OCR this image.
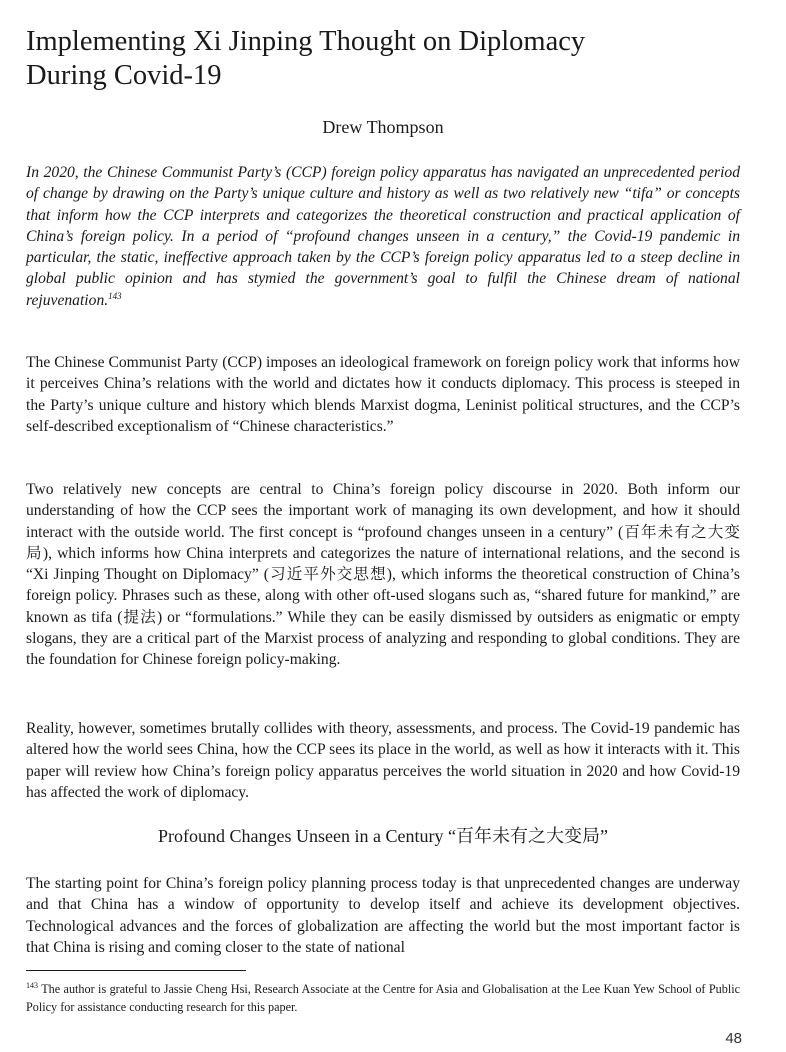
Implementing Xi Jinping Thought on Diplomacy
During Covid-19
Drew Thompson

In 2020, the Chinese Communist Party’s (CCP) foreign policy apparatus has navigated an unprecedented period of change by drawing on the Party’s unique culture and history as well as two relatively new “tifa” or concepts that inform how the CCP interprets and categorizes the theoretical construction and practical application of China’s foreign policy. In a period of “profound changes unseen in a century,” the Covid-19 pandemic in particular, the static, ineffective approach taken by the CCP’s foreign policy apparatus led to a steep decline in global public opinion and has stymied the government’s goal to fulfil the Chinese dream of national rejuvenation.$^{143}$

The Chinese Communist Party (CCP) imposes an ideological framework on foreign policy work that informs how it perceives China’s relations with the world and dictates how it conducts diplomacy. This process is steeped in the Party’s unique culture and history which blends Marxist dogma, Leninist political structures, and the CCP’s self-described exceptionalism of “Chinese characteristics.”

Two relatively new concepts are central to China’s foreign policy discourse in 2020. Both inform our understanding of how the CCP sees the important work of managing its own development, and how it should interact with the outside world. The first concept is “profound changes unseen in a century” (百年未有之大变局), which informs how China interprets and categorizes the nature of international relations, and the second is “Xi Jinping Thought on Diplomacy” (习近平外交思想), which informs the theoretical construction of China’s foreign policy. Phrases such as these, along with other oft-used slogans such as, “shared future for mankind,” are known as tifa (提法) or “formulations.” While they can be easily dismissed by outsiders as enigmatic or empty slogans, they are a critical part of the Marxist process of analyzing and responding to global conditions. They are the foundation for Chinese foreign policy-making.

Reality, however, sometimes brutally collides with theory, assessments, and process. The Covid-19 pandemic has altered how the world sees China, how the CCP sees its place in the world, as well as how it interacts with it. This paper will review how China’s foreign policy apparatus perceives the world situation in 2020 and how Covid-19 has affected the work of diplomacy.

Profound Changes Unseen in a Century “百年未有之大变局”

The starting point for China’s foreign policy planning process today is that unprecedented changes are underway and that China has a window of opportunity to develop itself and achieve its development objectives. Technological advances and the forces of globalization are affecting the world but the most important factor is that China is rising and coming closer to the state of national

$^{143}$ The author is grateful to Jassie Cheng Hsi, Research Associate at the Centre for Asia and Globalisation at the Lee Kuan Yew School of Public Policy for assistance conducting research for this paper.

48
